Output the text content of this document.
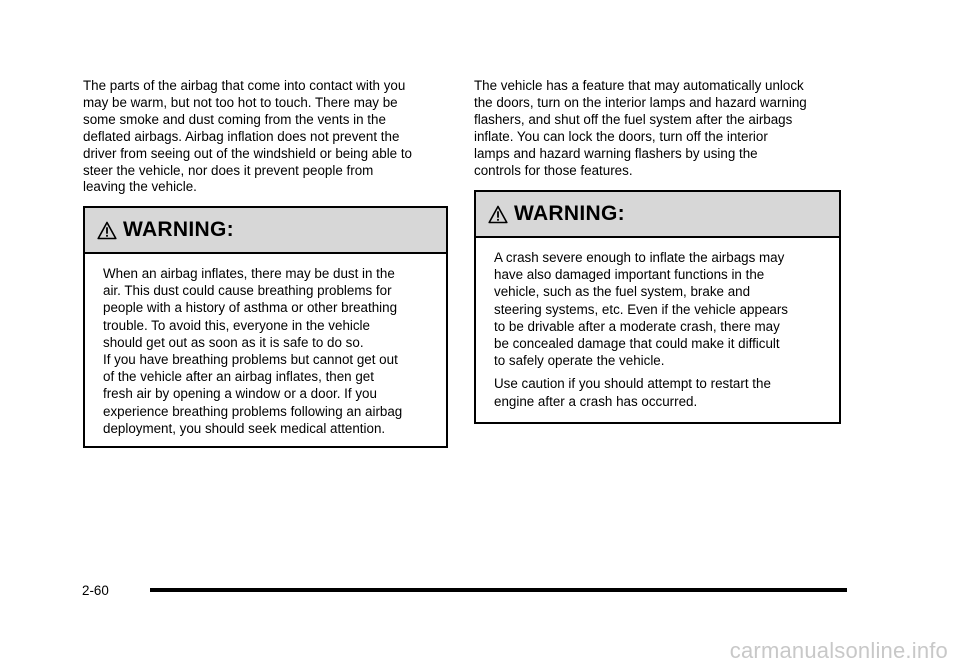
The parts of the airbag that come into contact with you
may be warm, but not too hot to touch. There may be
some smoke and dust coming from the vents in the
deflated airbags. Airbag inflation does not prevent the
driver from seeing out of the windshield or being able to
steer the vehicle, nor does it prevent people from
leaving the vehicle.

WARNING:

When an airbag inflates, there may be dust in the
air. This dust could cause breathing problems for
people with a history of asthma or other breathing
trouble. To avoid this, everyone in the vehicle
should get out as soon as it is safe to do so.

If you have breathing problems but cannot get out
of the vehicle after an airbag inflates, then get
fresh air by opening a window or a door. If you
experience breathing problems following an airbag
deployment, you should seek medical attention.

The vehicle has a feature that may automatically unlock
the doors, turn on the interior lamps and hazard warning
flashers, and shut off the fuel system after the airbags
inflate. You can lock the doors, turn off the interior
lamps and hazard warning flashers by using the
controls for those features.

WARNING:

A crash severe enough to inflate the airbags may
have also damaged important functions in the
vehicle, such as the fuel system, brake and
steering systems, etc. Even if the vehicle appears
to be drivable after a moderate crash, there may
be concealed damage that could make it difficult
to safely operate the vehicle.

Use caution if you should attempt to restart the
engine after a crash has occurred.

2-60
carmanualsonline.info
